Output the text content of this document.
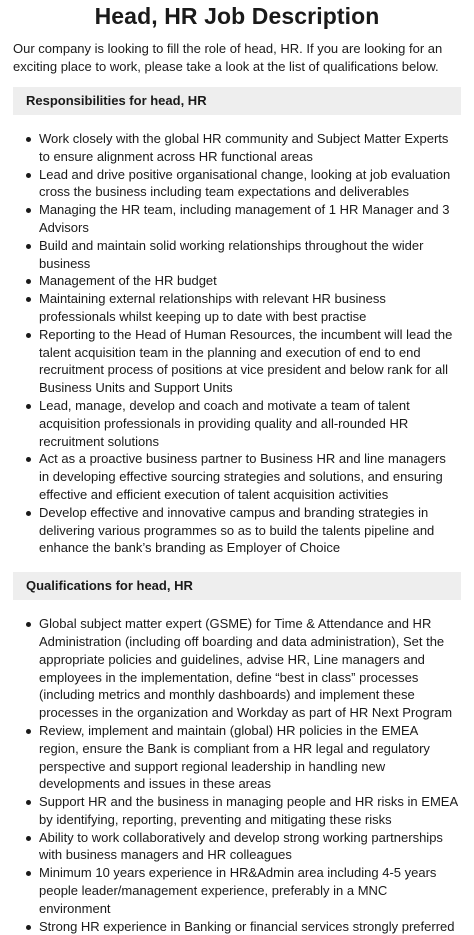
Head, HR Job Description

Our company is looking to fill the role of head, HR. If you are looking for an exciting place to work, please take a look at the list of qualifications below.

Responsibilities for head, HR
Work closely with the global HR community and Subject Matter Experts to ensure alignment across HR functional areas
Lead and drive positive organisational change, looking at job evaluation cross the business including team expectations and deliverables
Managing the HR team, including management of 1 HR Manager and 3 Advisors
Build and maintain solid working relationships throughout the wider business
Management of the HR budget
Maintaining external relationships with relevant HR business professionals whilst keeping up to date with best practise
Reporting to the Head of Human Resources, the incumbent will lead the talent acquisition team in the planning and execution of end to end recruitment process of positions at vice president and below rank for all Business Units and Support Units
Lead, manage, develop and coach and motivate a team of talent acquisition professionals in providing quality and all-rounded HR recruitment solutions
Act as a proactive business partner to Business HR and line managers in developing effective sourcing strategies and solutions, and ensuring effective and efficient execution of talent acquisition activities
Develop effective and innovative campus and branding strategies in delivering various programmes so as to build the talents pipeline and enhance the bank’s branding as Employer of Choice
Qualifications for head, HR
Global subject matter expert (GSME) for Time & Attendance and HR Administration (including off boarding and data administration), Set the appropriate policies and guidelines, advise HR, Line managers and employees in the implementation, define “best in class” processes (including metrics and monthly dashboards) and implement these processes in the organization and Workday as part of HR Next Program
Review, implement and maintain (global) HR policies in the EMEA region, ensure the Bank is compliant from a HR legal and regulatory perspective and support regional leadership in handling new developments and issues in these areas
Support HR and the business in managing people and HR risks in EMEA by identifying, reporting, preventing and mitigating these risks
Ability to work collaboratively and develop strong working partnerships with business managers and HR colleagues
Minimum 10 years experience in HR&Admin area including 4-5 years people leader/management experience, preferably in a MNC environment
Strong HR experience in Banking or financial services strongly preferred
